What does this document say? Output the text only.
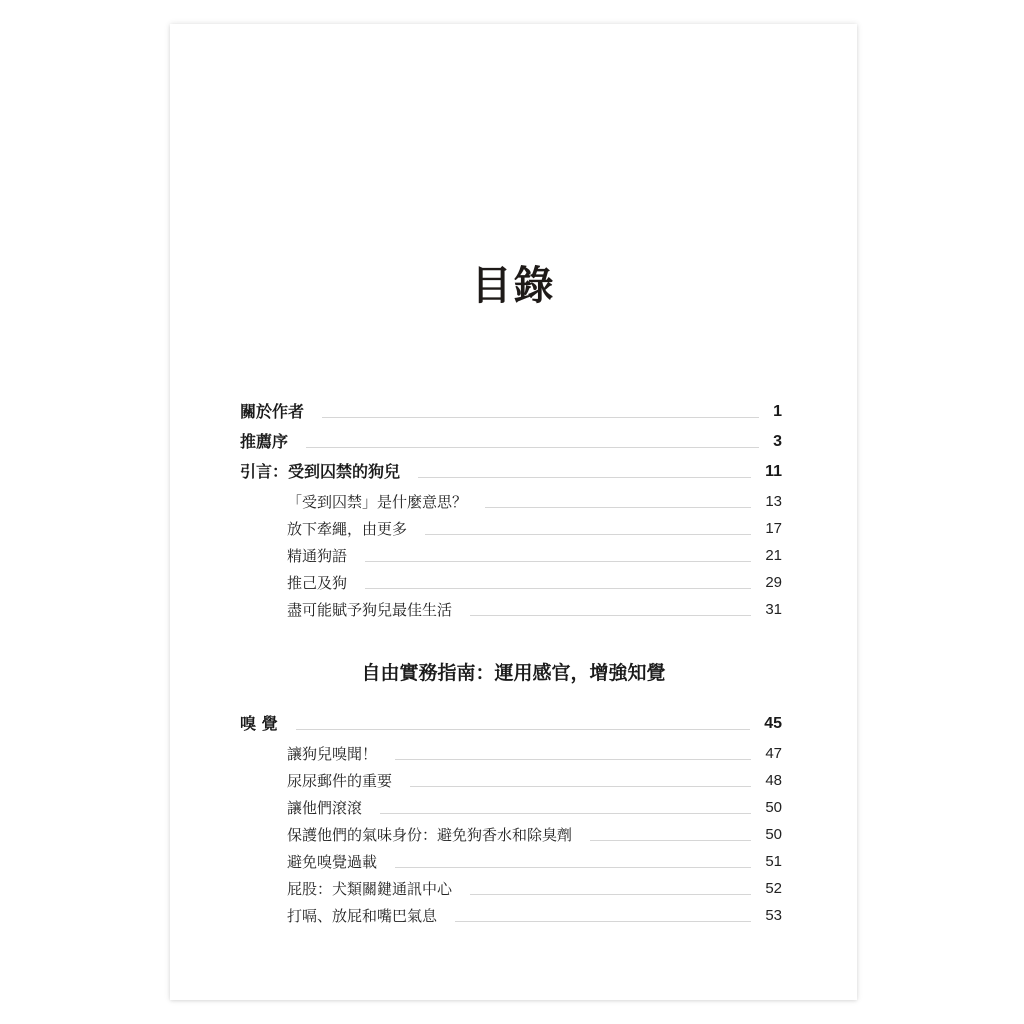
目錄
關於作者	1
推薦序	3
引言：受到囚禁的狗兒	11
「受到囚禁」是什麼意思？	13
放下牽繩，由更多	17
精通狗語	21
推己及狗	29
盡可能賦予狗兒最佳生活	31
自由實務指南：運用感官，增強知覺
嗅 覺	45
讓狗兒嗅聞！	47
尿尿郵件的重要	48
讓他們滾滾	50
保護他們的氣味身份：避免狗香水和除臭劑	50
避免嗅覺過載	51
屁股：犬類關鍵通訊中心	52
打嗝、放屁和嘴巴氣息	53
